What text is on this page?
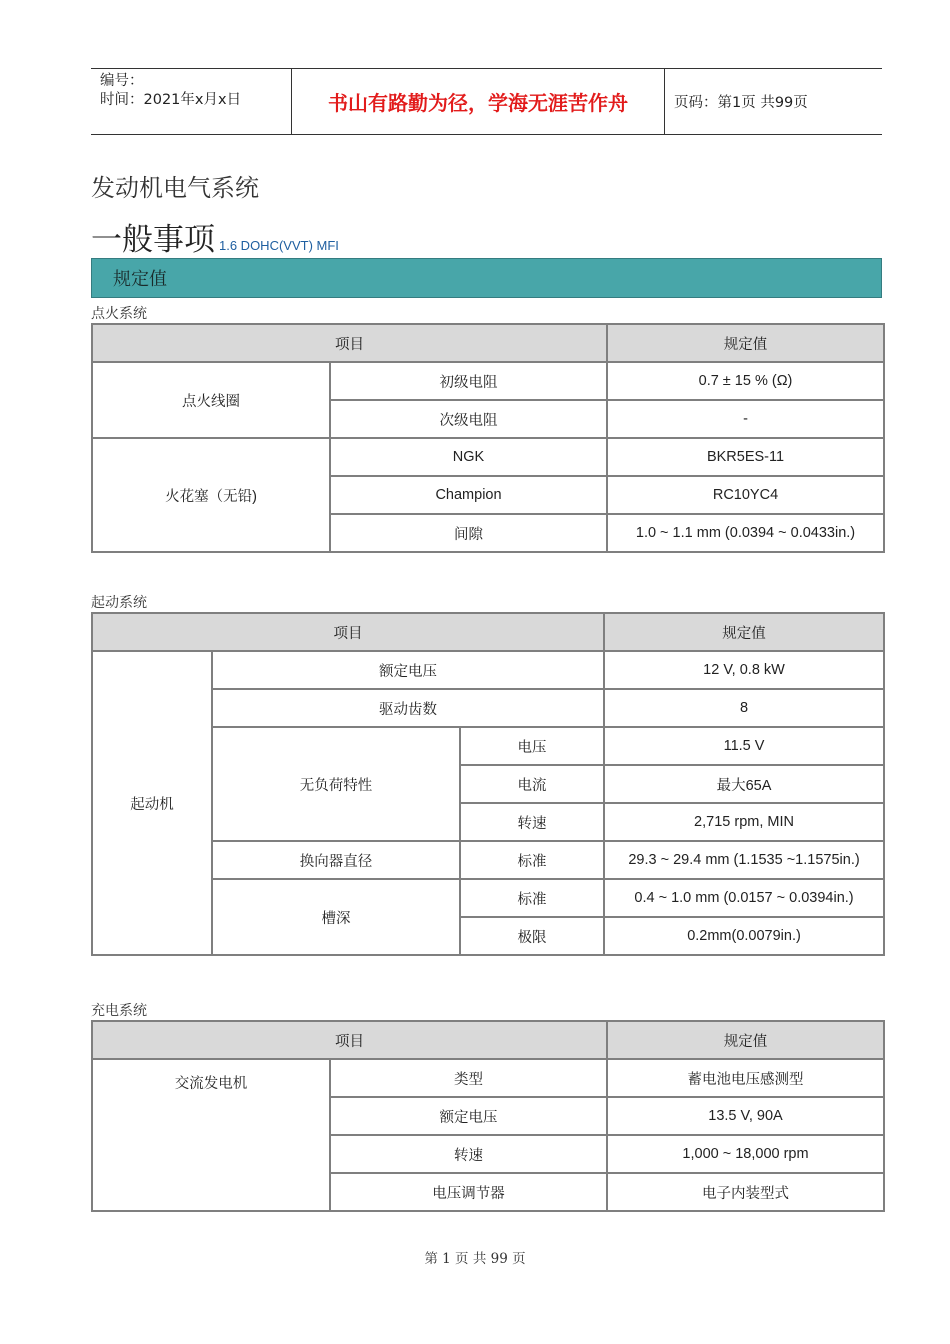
编号：
时间：2021年x月x日	书山有路勤为径，学海无涯苦作舟	页码：第1页 共99页
发动机电气系统
一般事项 1.6 DOHC(VVT) MFI
规定值
点火系统
项目		规定值
点火线圈	初级电阻	0.7 ± 15 % (Ω)
	次级电阻	-
火花塞（无铅)	NGK	BKR5ES-11
	Champion	RC10YC4
	间隙	1.0 ~ 1.1 mm (0.0394 ~ 0.0433in.)
起动系统
项目			规定值
起动机	额定电压		12 V, 0.8 kW
	驱动齿数		8
	无负荷特性	电压	11.5 V
		电流	最大65A
		转速	2,715 rpm, MIN
	换向器直径	标准	29.3 ~ 29.4 mm (1.1535 ~1.1575in.)
	槽深	标准	0.4 ~ 1.0 mm (0.0157 ~ 0.0394in.)
		极限	0.2mm(0.0079in.)
充电系统
项目		规定值
交流发电机	类型	蓄电池电压感测型
	额定电压	13.5 V, 90A
	转速	1,000 ~ 18,000 rpm
	电压调节器	电子内装型式
第 1 页 共 99 页
